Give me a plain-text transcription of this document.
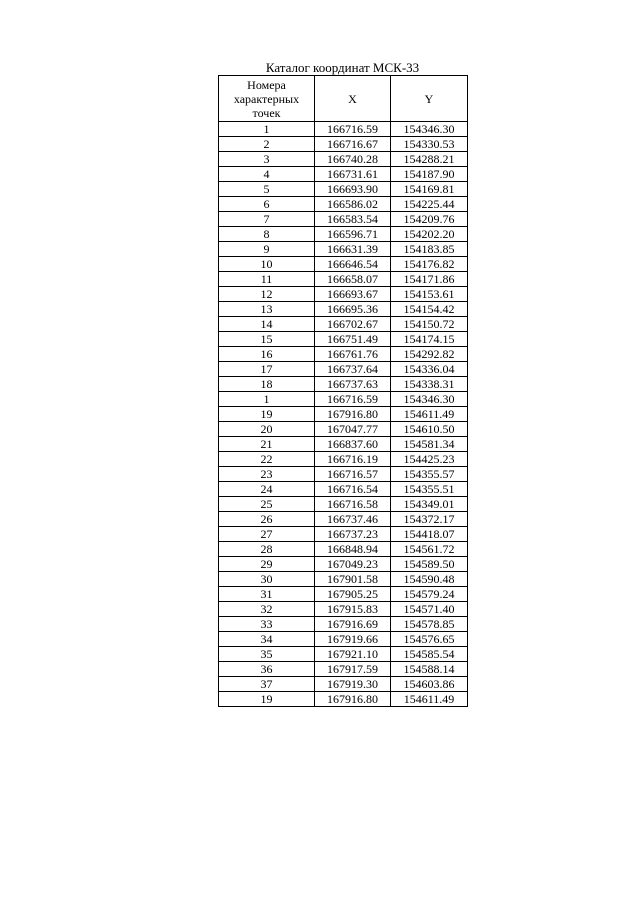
Каталог координат МСК-33
Номера
характерных
точек	X	Y
1	166716.59	154346.30
2	166716.67	154330.53
3	166740.28	154288.21
4	166731.61	154187.90
5	166693.90	154169.81
6	166586.02	154225.44
7	166583.54	154209.76
8	166596.71	154202.20
9	166631.39	154183.85
10	166646.54	154176.82
11	166658.07	154171.86
12	166693.67	154153.61
13	166695.36	154154.42
14	166702.67	154150.72
15	166751.49	154174.15
16	166761.76	154292.82
17	166737.64	154336.04
18	166737.63	154338.31
1	166716.59	154346.30
19	167916.80	154611.49
20	167047.77	154610.50
21	166837.60	154581.34
22	166716.19	154425.23
23	166716.57	154355.57
24	166716.54	154355.51
25	166716.58	154349.01
26	166737.46	154372.17
27	166737.23	154418.07
28	166848.94	154561.72
29	167049.23	154589.50
30	167901.58	154590.48
31	167905.25	154579.24
32	167915.83	154571.40
33	167916.69	154578.85
34	167919.66	154576.65
35	167921.10	154585.54
36	167917.59	154588.14
37	167919.30	154603.86
19	167916.80	154611.49
